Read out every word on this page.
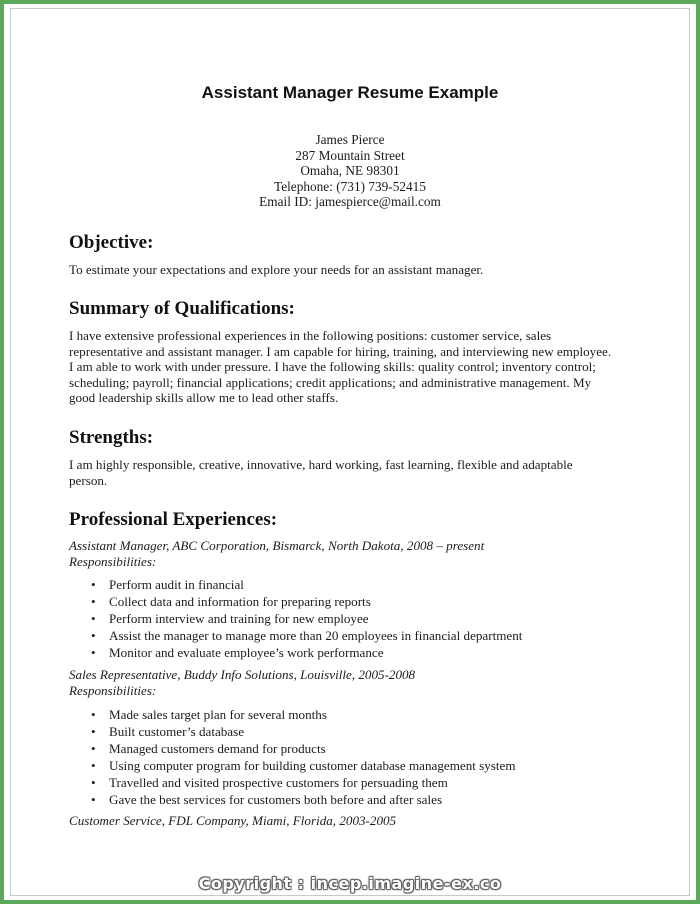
Assistant Manager Resume Example
James Pierce
287 Mountain Street
Omaha, NE 98301
Telephone: (731) 739-52415
Email ID: jamespierce@mail.com
Objective:
To estimate your expectations and explore your needs for an assistant manager.
Summary of Qualifications:
I have extensive professional experiences in the following positions: customer service, sales
representative and assistant manager. I am capable for hiring, training, and interviewing new employee.
I am able to work with under pressure. I have the following skills: quality control; inventory control;
scheduling; payroll; financial applications; credit applications; and administrative management. My
good leadership skills allow me to lead other staffs.
Strengths:
I am highly responsible, creative, innovative, hard working, fast learning, flexible and adaptable
person.
Professional Experiences:
Assistant Manager, ABC Corporation, Bismarck, North Dakota, 2008 – present
Responsibilities:
• Perform audit in financial
• Collect data and information for preparing reports
• Perform interview and training for new employee
• Assist the manager to manage more than 20 employees in financial department
• Monitor and evaluate employee’s work performance
Sales Representative, Buddy Info Solutions, Louisville, 2005-2008
Responsibilities:
• Made sales target plan for several months
• Built customer’s database
• Managed customers demand for products
• Using computer program for building customer database management system
• Travelled and visited prospective customers for persuading them
• Gave the best services for customers both before and after sales
Customer Service, FDL Company, Miami, Florida, 2003-2005
Copyright : incep.imagine-ex.co
